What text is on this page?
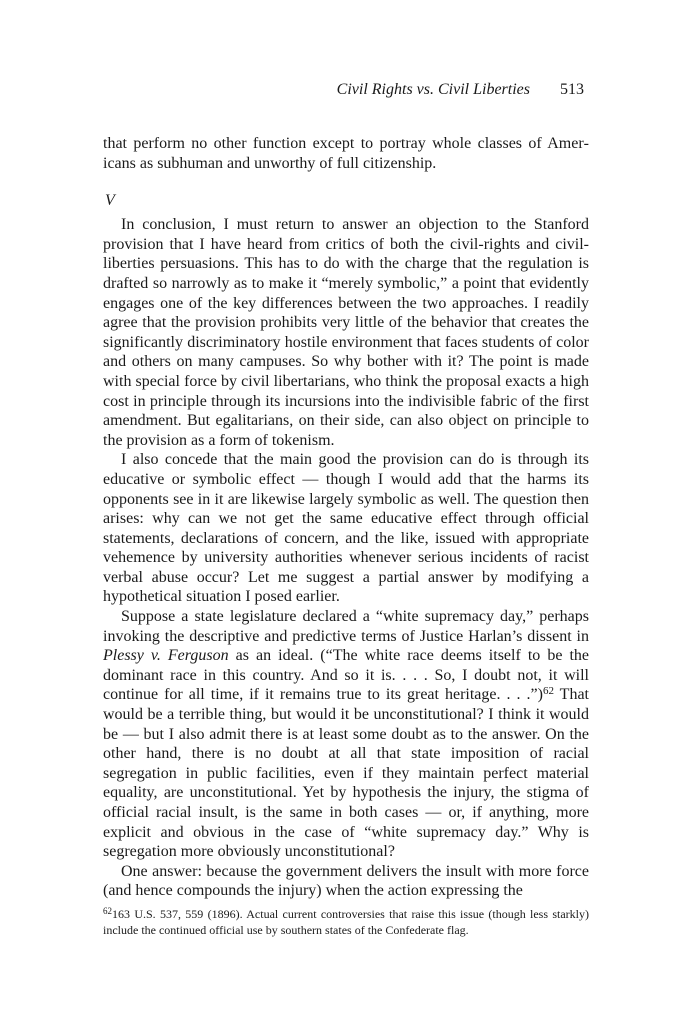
Civil Rights vs. Civil Liberties 513

that perform no other function except to portray whole classes of Americans as subhuman and unworthy of full citizenship.

V

In conclusion, I must return to answer an objection to the Stanford provision that I have heard from critics of both the civil-rights and civilliberties persuasions. This has to do with the charge that the regulation is drafted so narrowly as to make it “merely symbolic,” a point that evidently engages one of the key differences between the two approaches. I readily agree that the provision prohibits very little of the behavior that creates the significantly discriminatory hostile environment that faces students of color and others on many campuses. So why bother with it? The point is made with special force by civil libertarians, who think the proposal exacts a high cost in principle through its incursions into the indivisible fabric of the first amendment. But egalitarians, on their side, can also object on principle to the provision as a form of tokenism.

I also concede that the main good the provision can do is through its educative or symbolic effect — though I would add that the harms its opponents see in it are likewise largely symbolic as well. The question then arises: why can we not get the same educative effect through official statements, declarations of concern, and the like, issued with appropriate vehemence by university authorities whenever serious incidents of racist verbal abuse occur? Let me suggest a partial answer by modifying a hypothetical situation I posed earlier.

Suppose a state legislature declared a “white supremacy day,” perhaps invoking the descriptive and predictive terms of Justice Harlan’s dissent in Plessy v. Ferguson as an ideal. (“The white race deems itself to be the dominant race in this country. And so it is. . . . So, I doubt not, it will continue for all time, if it remains true to its great heritage. . . .”)$^{62}$ That would be a terrible thing, but would it be unconstitutional? I think it would be — but I also admit there is at least some doubt as to the answer. On the other hand, there is no doubt at all that state imposition of racial segregation in public facilities, even if they maintain perfect material equality, are unconstitutional. Yet by hypothesis the injury, the stigma of official racial insult, is the same in both cases — or, if anything, more explicit and obvious in the case of “white supremacy day.” Why is segregation more obviously unconstitutional?

One answer: because the government delivers the insult with more force (and hence compounds the injury) when the action expressing the

$^{62}$163 U.S. 537, 559 (1896). Actual current controversies that raise this issue (though less starkly) include the continued official use by southern states of the Confederate flag.
